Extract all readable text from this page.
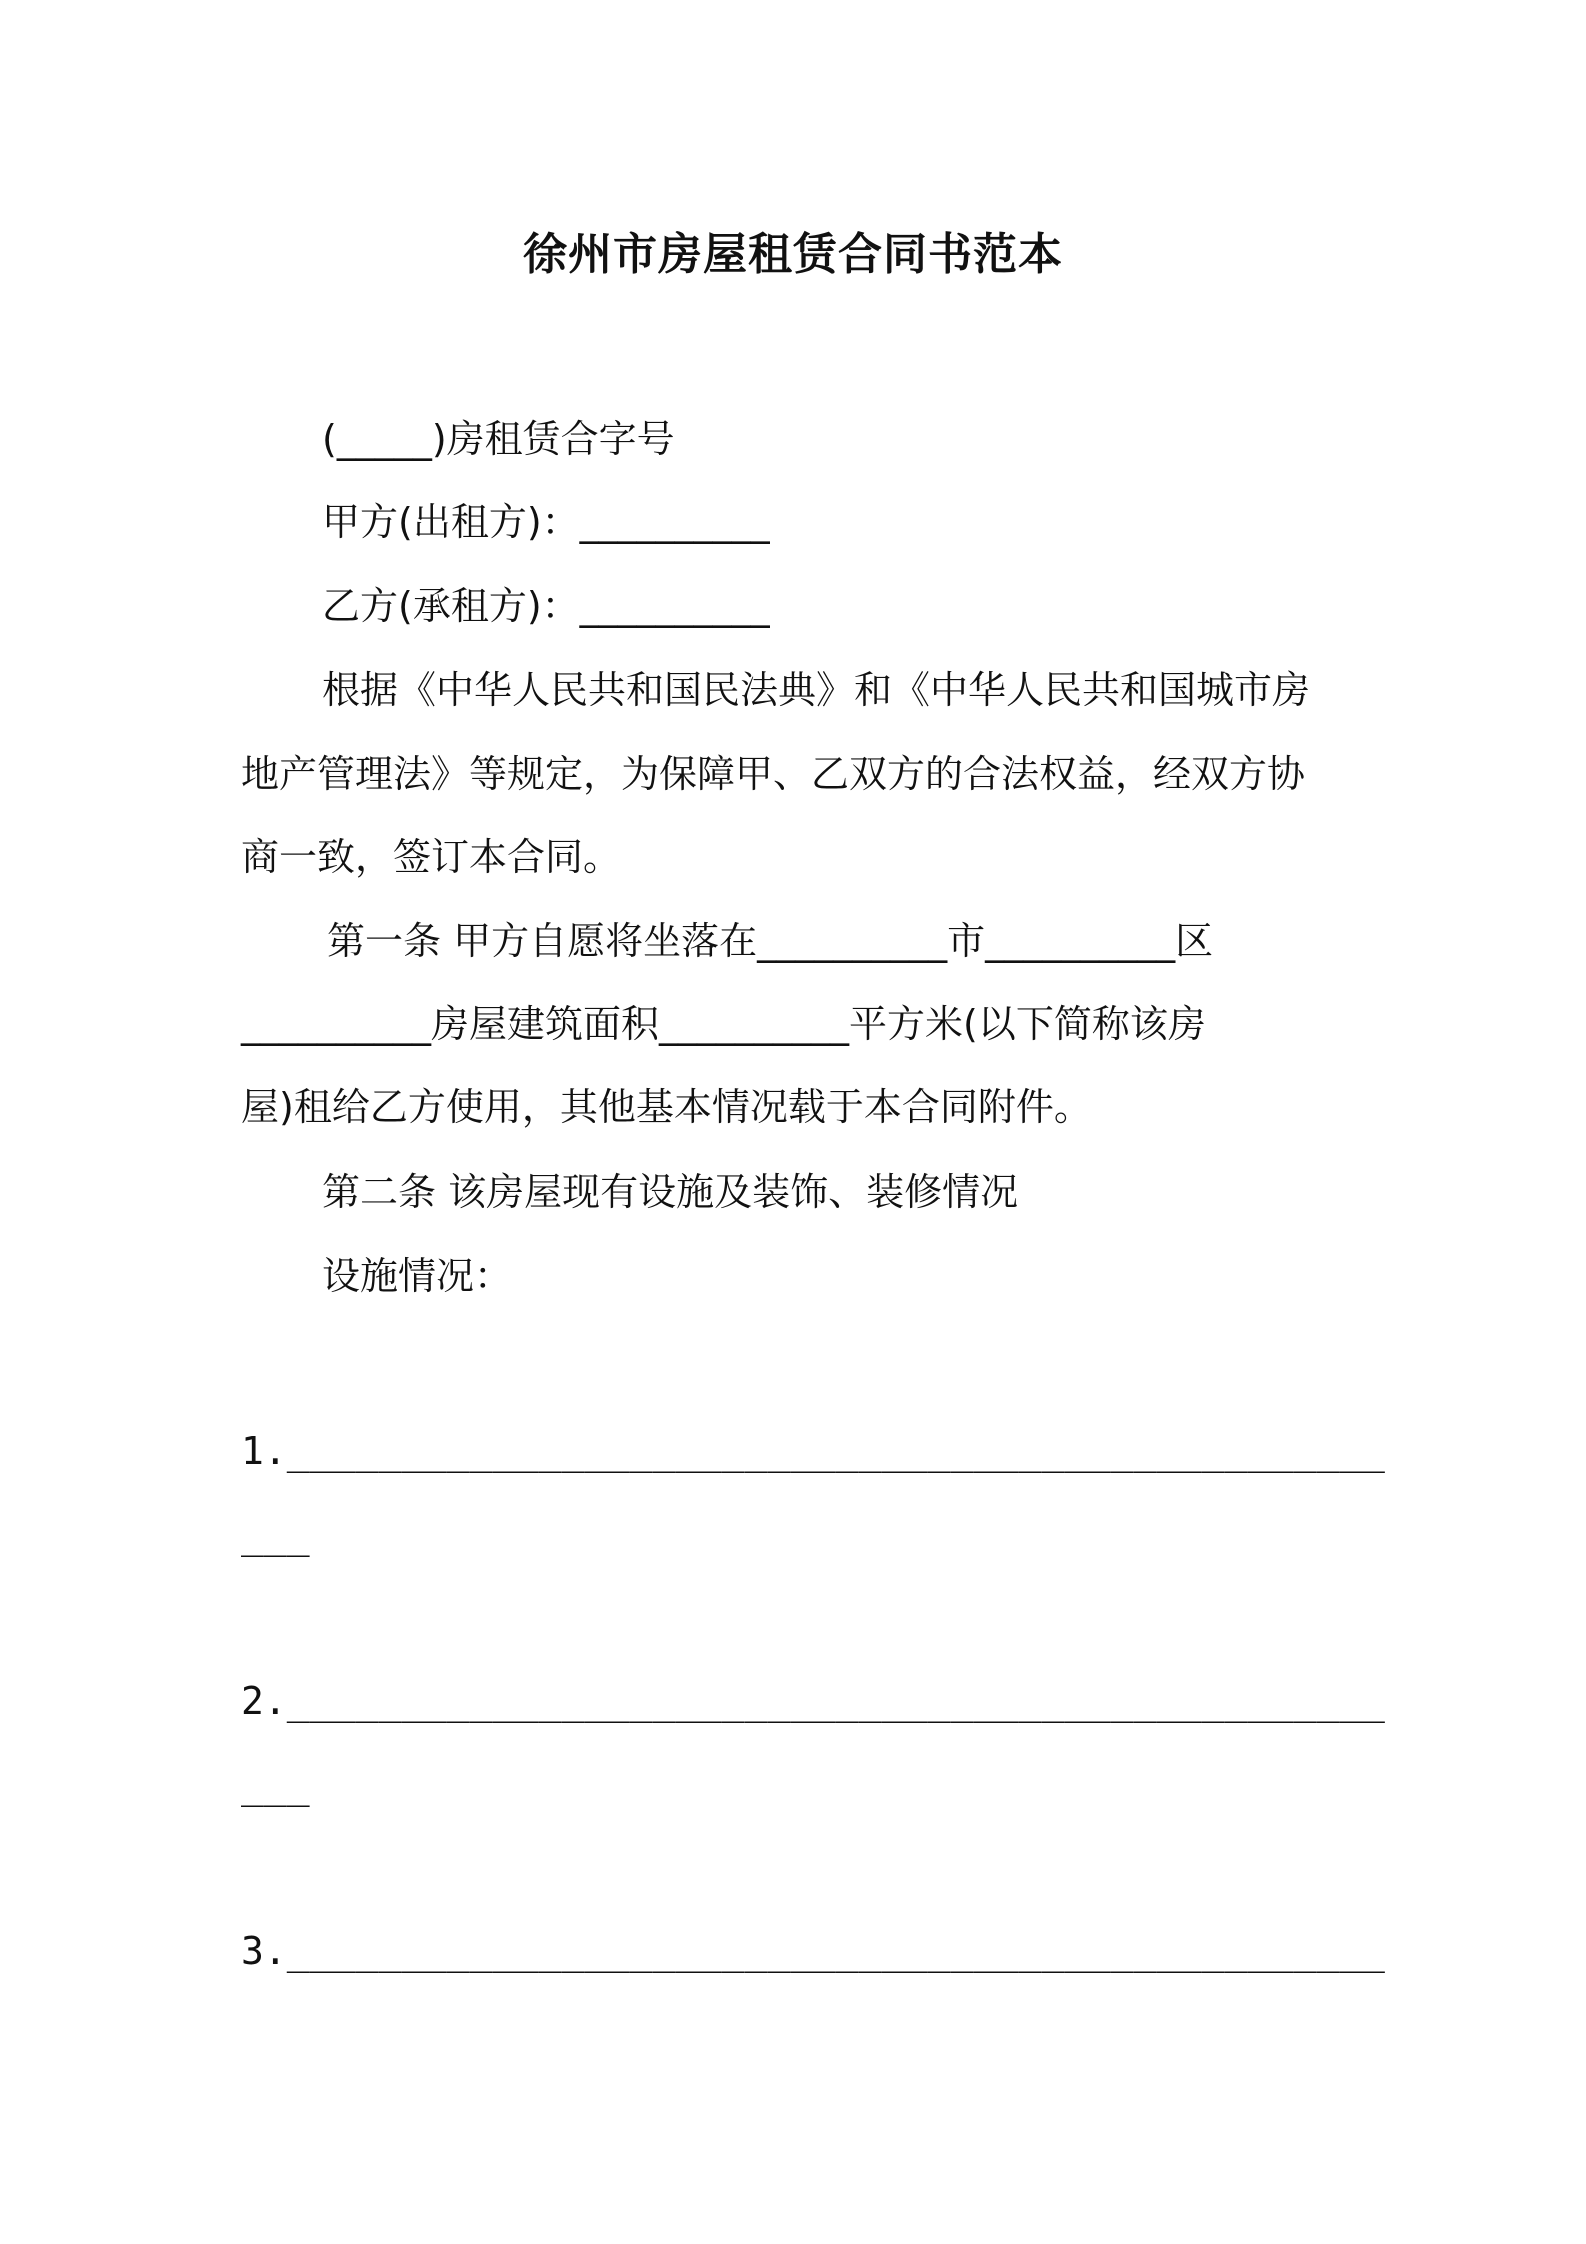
徐州市房屋租赁合同书范本
(_____)房租赁合字号
甲方(出租方)：__________
乙方(承租方)：__________
根据《中华人民共和国民法典》和《中华人民共和国城市房
地产管理法》等规定，为保障甲、乙双方的合法权益，经双方协
商一致，签订本合同。
第一条 甲方自愿将坐落在__________市__________区
__________房屋建筑面积__________平方米(以下简称该房
屋)租给乙方使用，其他基本情况载于本合同附件。
第二条 该房屋现有设施及装饰、装修情况
设施情况：
1.________________________________________________
___
2.________________________________________________
___
3.________________________________________________
